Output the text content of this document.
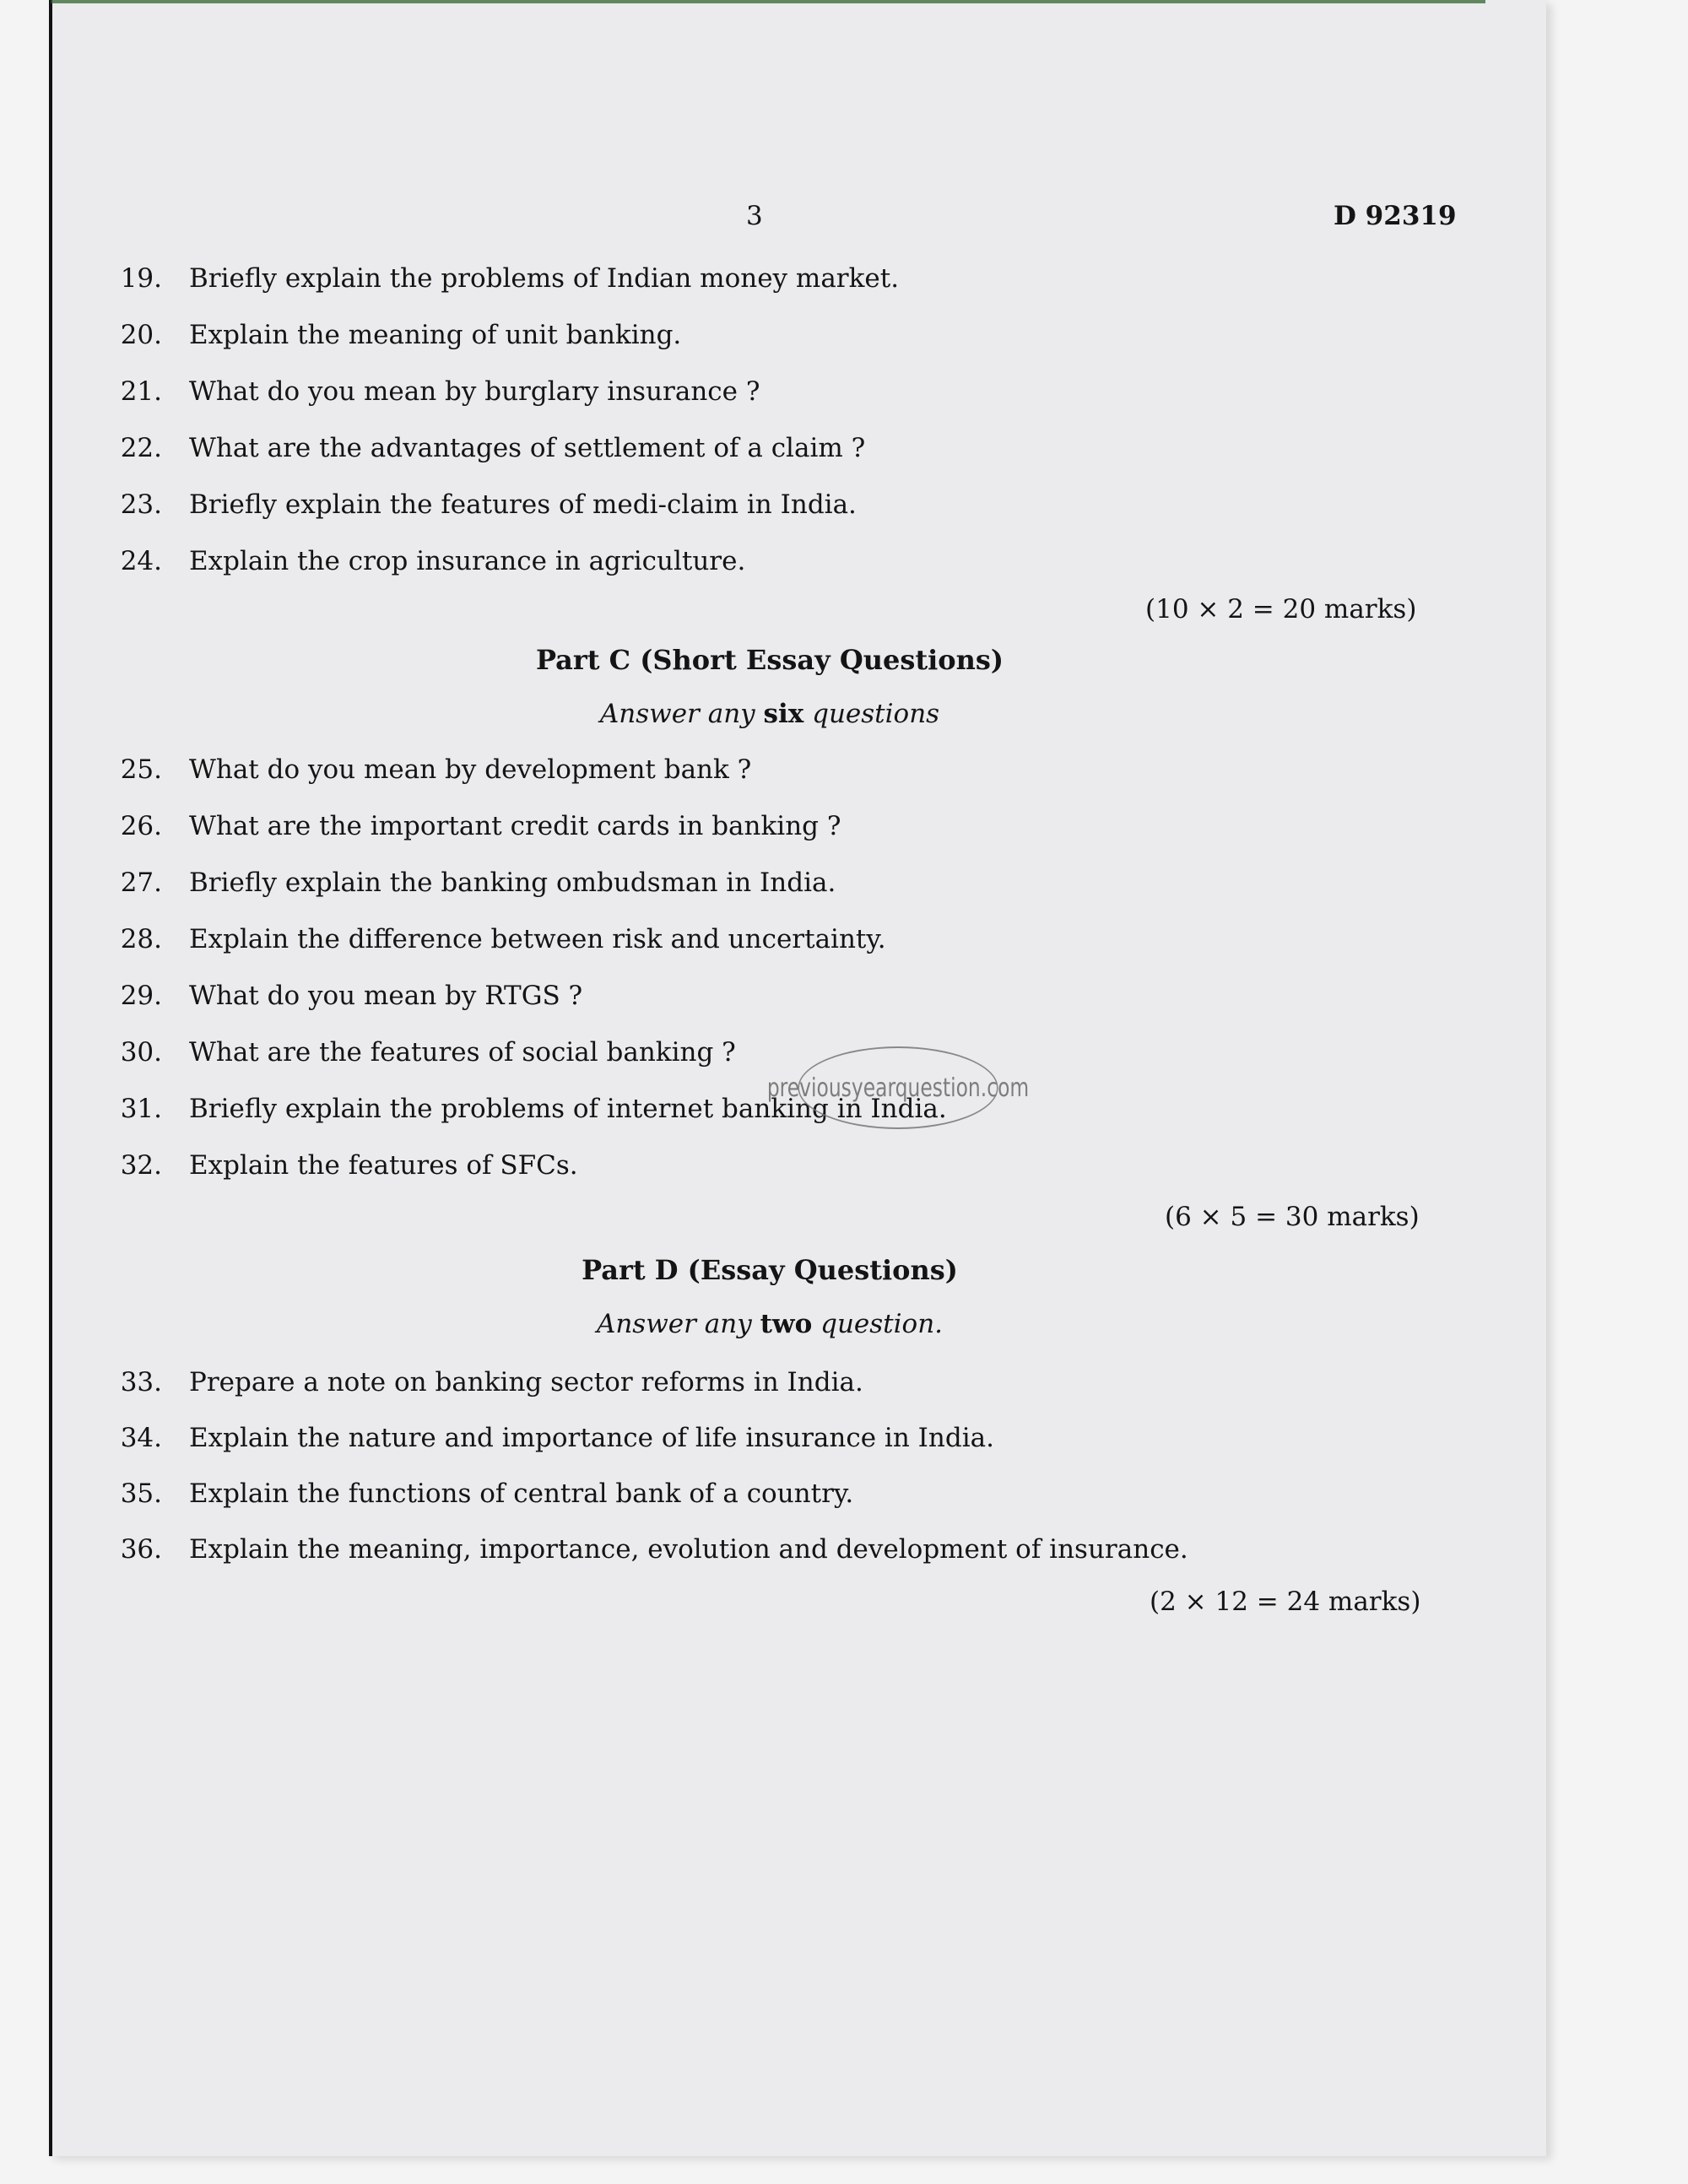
3	D 92319
19. Briefly explain the problems of Indian money market.
20. Explain the meaning of unit banking.
21. What do you mean by burglary insurance ?
22. What are the advantages of settlement of a claim ?
23. Briefly explain the features of medi-claim in India.
24. Explain the crop insurance in agriculture.
(10 × 2 = 20 marks)
Part C (Short Essay Questions)
Answer any six questions
25. What do you mean by development bank ?
26. What are the important credit cards in banking ?
27. Briefly explain the banking ombudsman in India.
28. Explain the difference between risk and uncertainty.
29. What do you mean by RTGS ?
30. What are the features of social banking ?
31. Briefly explain the problems of internet banking in India.
32. Explain the features of SFCs.
(6 × 5 = 30 marks)
Part D (Essay Questions)
Answer any two question.
33. Prepare a note on banking sector reforms in India.
34. Explain the nature and importance of life insurance in India.
35. Explain the functions of central bank of a country.
36. Explain the meaning, importance, evolution and development of insurance.
(2 × 12 = 24 marks)
previousyearquestion.com
